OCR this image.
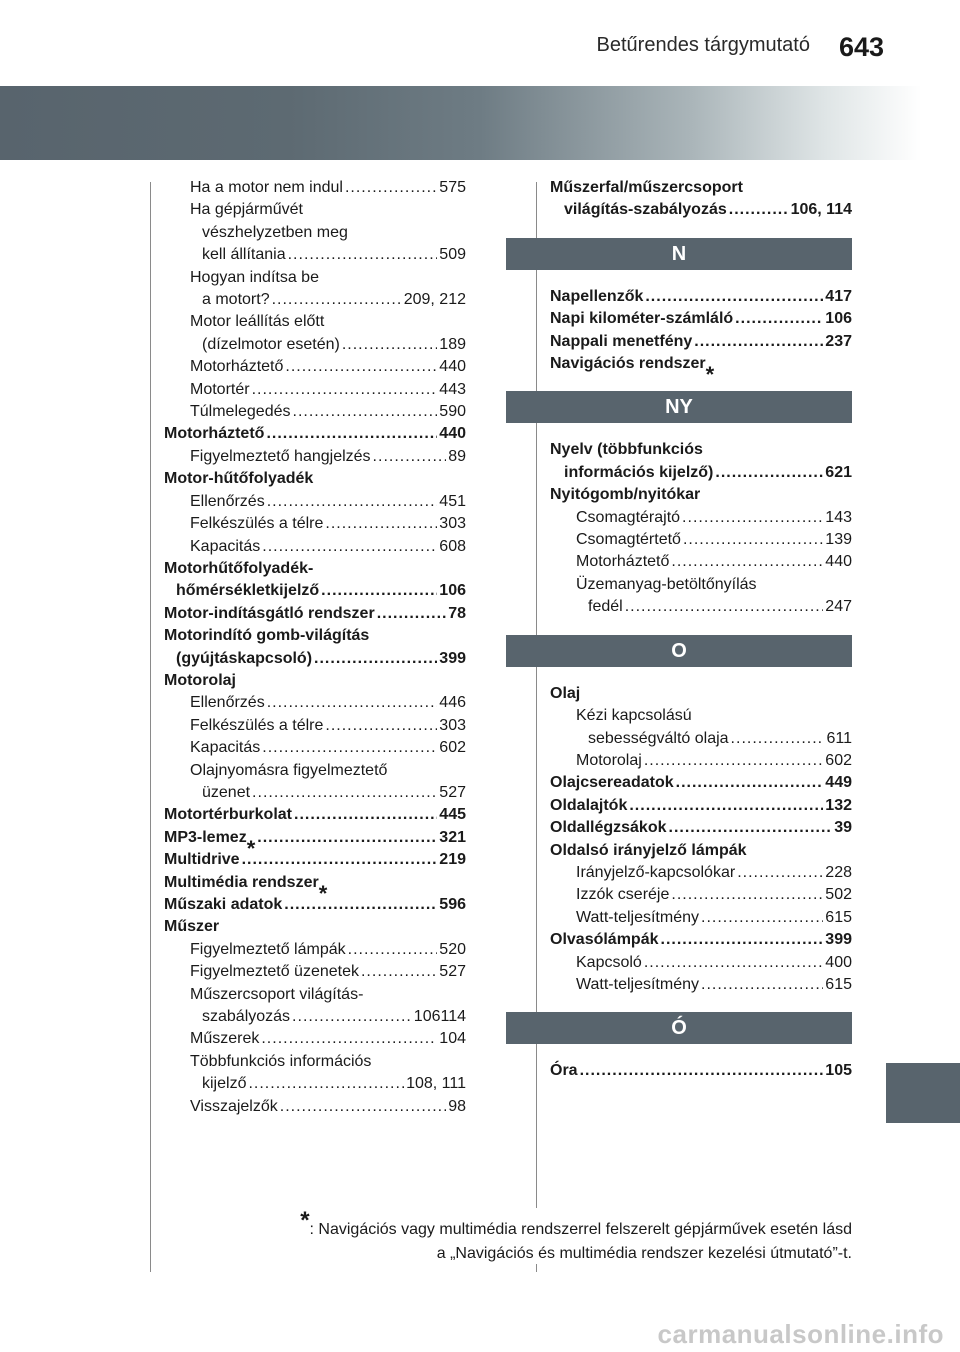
Betűrendes tárgymutató 643
Ha a motor nem indul .....	575
Ha gépjárművét
vészhelyzetben meg
kell állítania .....	509
Hogyan indítsa be
a motort? .....	209, 212
Motor leállítás előtt
(dízelmotor esetén) .....	189
Motorháztető .....	440
Motortér .....	443
Túlmelegedés .....	590
Motorháztető .....	440
Figyelmeztető hangjelzés .....	89
Motor-hűtőfolyadék
Ellenőrzés .....	451
Felkészülés a télre .....	303
Kapacitás .....	608
Motorhűtőfolyadék-
hőmérsékletkijelző .....	106
Motor-indításgátló rendszer .....	78
Motorindító gomb-világítás
(gyújtáskapcsoló) .....	399
Motorolaj
Ellenőrzés .....	446
Felkészülés a télre .....	303
Kapacitás .....	602
Olajnyomásra figyelmeztető
üzenet .....	527
Motortérburkolat .....	445
MP3-lemez * .....	321
Multidrive .....	219
Multimédia rendszer *
Műszaki adatok .....	596
Műszer
Figyelmeztető lámpák .....	520
Figyelmeztető üzenetek .....	527
Műszercsoport világítás-
szabályozás .....	106114
Műszerek .....	104
Többfunkciós információs
kijelző .....	108, 111
Visszajelzők .....	98
Műszerfal/műszercsoport
világítás-szabályozás .....	106, 114
N
Napellenzők .....	417
Napi kilométer-számláló .....	106
Nappali menetfény .....	237
Navigációs rendszer *
NY
Nyelv (többfunkciós
információs kijelző) .....	621
Nyitógomb/nyitókar
Csomagtérajtó .....	143
Csomagtértető .....	139
Motorháztető .....	440
Üzemanyag-betöltőnyílás
fedél .....	247
O
Olaj
Kézi kapcsolású
sebességváltó olaja .....	611
Motorolaj .....	602
Olajcsereadatok .....	449
Oldalajtók .....	132
Oldallégzsákok .....	39
Oldalsó irányjelző lámpák
Irányjelző-kapcsolókar .....	228
Izzók cseréje .....	502
Watt-teljesítmény .....	615
Olvasólámpák .....	399
Kapcsoló .....	400
Watt-teljesítmény .....	615
Ó
Óra .....	105
*: Navigációs vagy multimédia rendszerrel felszerelt gépjárművek esetén lásd
a „Navigációs és multimédia rendszer kezelési útmutató”-t.
carmanualsonline.info
